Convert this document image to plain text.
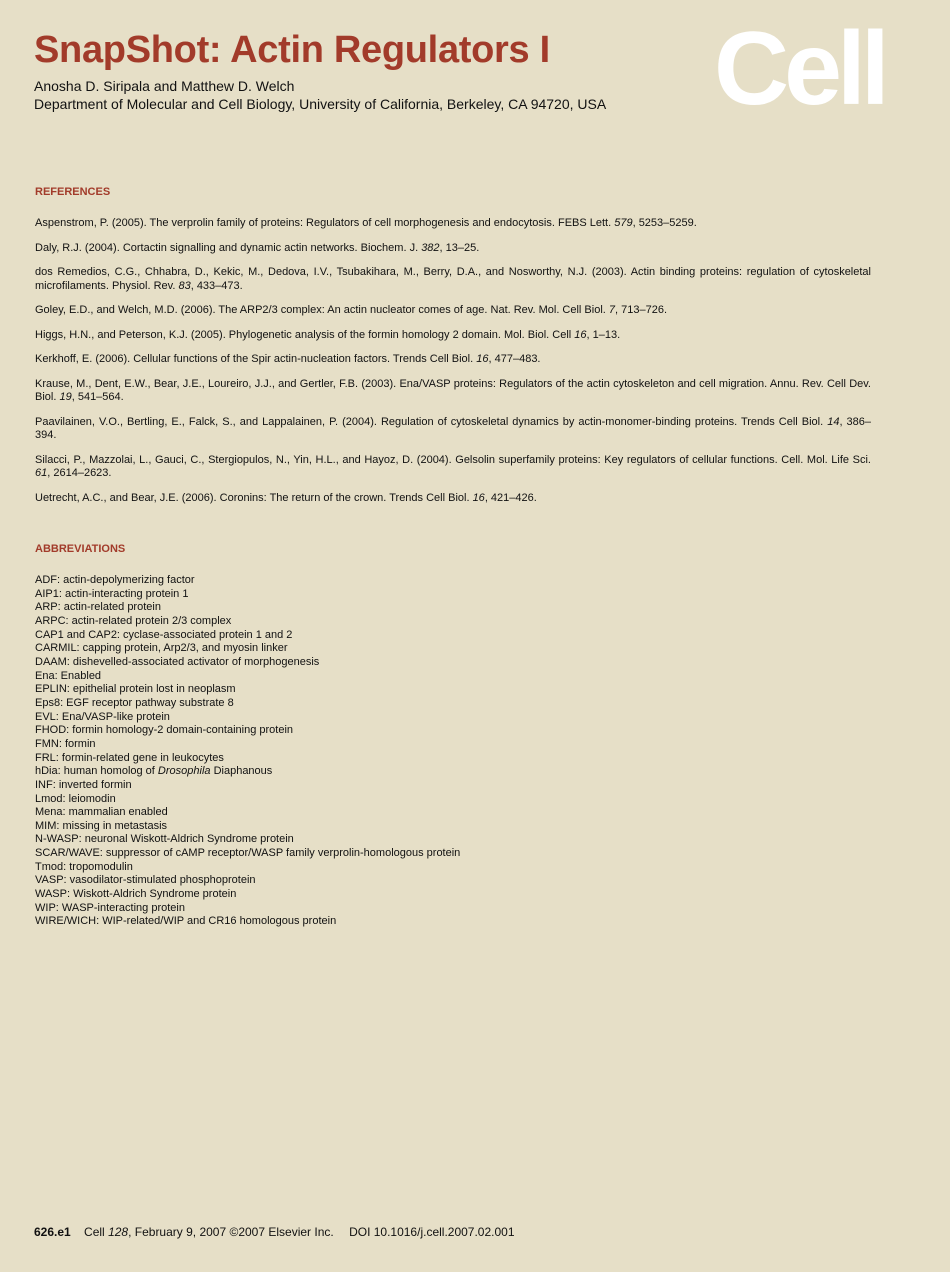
SnapShot: Actin Regulators I
Anosha D. Siripala and Matthew D. Welch
Department of Molecular and Cell Biology, University of California, Berkeley, CA 94720, USA Cell
REFERENCES
Aspenstrom, P. (2005). The verprolin family of proteins: Regulators of cell morphogenesis and endocytosis. FEBS Lett. 579, 5253–5259.
Daly, R.J. (2004). Cortactin signalling and dynamic actin networks. Biochem. J. 382, 13–25.
dos Remedios, C.G., Chhabra, D., Kekic, M., Dedova, I.V., Tsubakihara, M., Berry, D.A., and Nosworthy, N.J. (2003). Actin binding proteins: regulation of cytoskeletal microfilaments. Physiol. Rev. 83, 433–473.
Goley, E.D., and Welch, M.D. (2006). The ARP2/3 complex: An actin nucleator comes of age. Nat. Rev. Mol. Cell Biol. 7, 713–726.
Higgs, H.N., and Peterson, K.J. (2005). Phylogenetic analysis of the formin homology 2 domain. Mol. Biol. Cell 16, 1–13.
Kerkhoff, E. (2006). Cellular functions of the Spir actin-nucleation factors. Trends Cell Biol. 16, 477–483.
Krause, M., Dent, E.W., Bear, J.E., Loureiro, J.J., and Gertler, F.B. (2003). Ena/VASP proteins: Regulators of the actin cytoskeleton and cell migration. Annu. Rev. Cell Dev. Biol. 19, 541–564.
Paavilainen, V.O., Bertling, E., Falck, S., and Lappalainen, P. (2004). Regulation of cytoskeletal dynamics by actin-monomer-binding proteins. Trends Cell Biol. 14, 386–394.
Silacci, P., Mazzolai, L., Gauci, C., Stergiopulos, N., Yin, H.L., and Hayoz, D. (2004). Gelsolin superfamily proteins: Key regulators of cellular functions. Cell. Mol. Life Sci. 61, 2614–2623.
Uetrecht, A.C., and Bear, J.E. (2006). Coronins: The return of the crown. Trends Cell Biol. 16, 421–426.
ABBREVIATIONS
ADF: actin-depolymerizing factor
AIP1: actin-interacting protein 1
ARP: actin-related protein
ARPC: actin-related protein 2/3 complex
CAP1 and CAP2: cyclase-associated protein 1 and 2
CARMIL: capping protein, Arp2/3, and myosin linker
DAAM: dishevelled-associated activator of morphogenesis
Ena: Enabled
EPLIN: epithelial protein lost in neoplasm
Eps8: EGF receptor pathway substrate 8
EVL: Ena/VASP-like protein
FHOD: formin homology-2 domain-containing protein
FMN: formin
FRL: formin-related gene in leukocytes
hDia: human homolog of Drosophila Diaphanous
INF: inverted formin
Lmod: leiomodin
Mena: mammalian enabled
MIM: missing in metastasis
N-WASP: neuronal Wiskott-Aldrich Syndrome protein
SCAR/WAVE: suppressor of cAMP receptor/WASP family verprolin-homologous protein
Tmod: tropomodulin
VASP: vasodilator-stimulated phosphoprotein
WASP: Wiskott-Aldrich Syndrome protein
WIP: WASP-interacting protein
WIRE/WICH: WIP-related/WIP and CR16 homologous protein
626.e1 Cell 128, February 9, 2007 ©2007 Elsevier Inc. DOI 10.1016/j.cell.2007.02.001
